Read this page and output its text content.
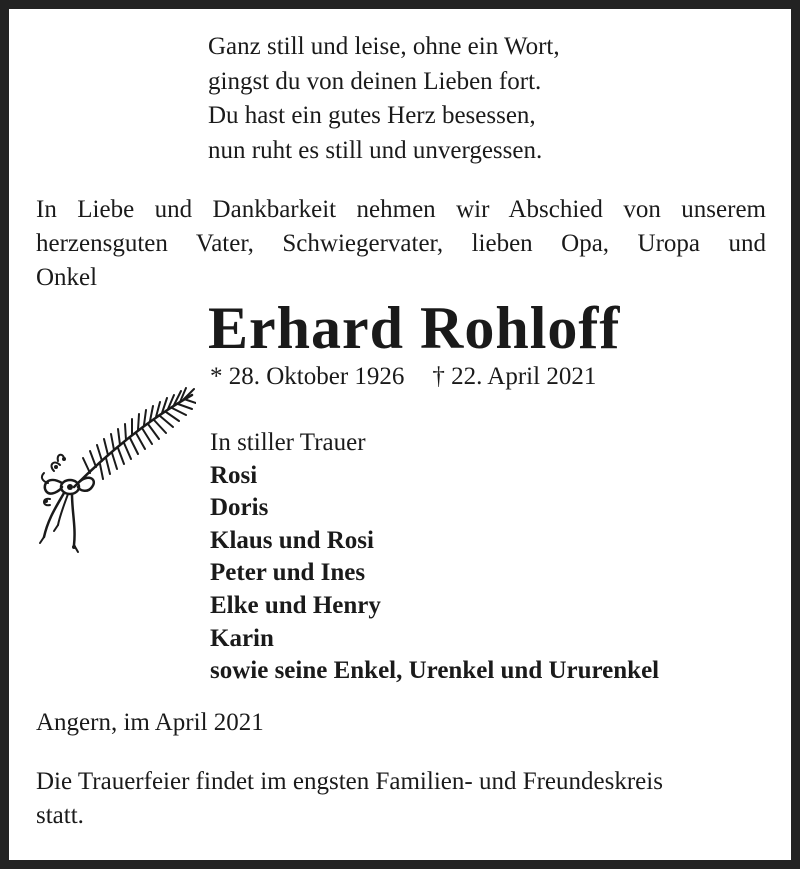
Ganz still und leise, ohne ein Wort,
gingst du von deinen Lieben fort.
Du hast ein gutes Herz besessen,
nun ruht es still und unvergessen.
In Liebe und Dankbarkeit nehmen wir Abschied von unserem
herzensguten Vater, Schwiegervater, lieben Opa, Uropa und
Onkel
Erhard Rohloff
* 28. Oktober 1926 † 22. April 2021
In stiller Trauer
Rosi
Doris
Klaus und Rosi
Peter und Ines
Elke und Henry
Karin
sowie seine Enkel, Urenkel und Ururenkel
Angern, im April 2021
Die Trauerfeier findet im engsten Familien- und Freundeskreis
statt.
